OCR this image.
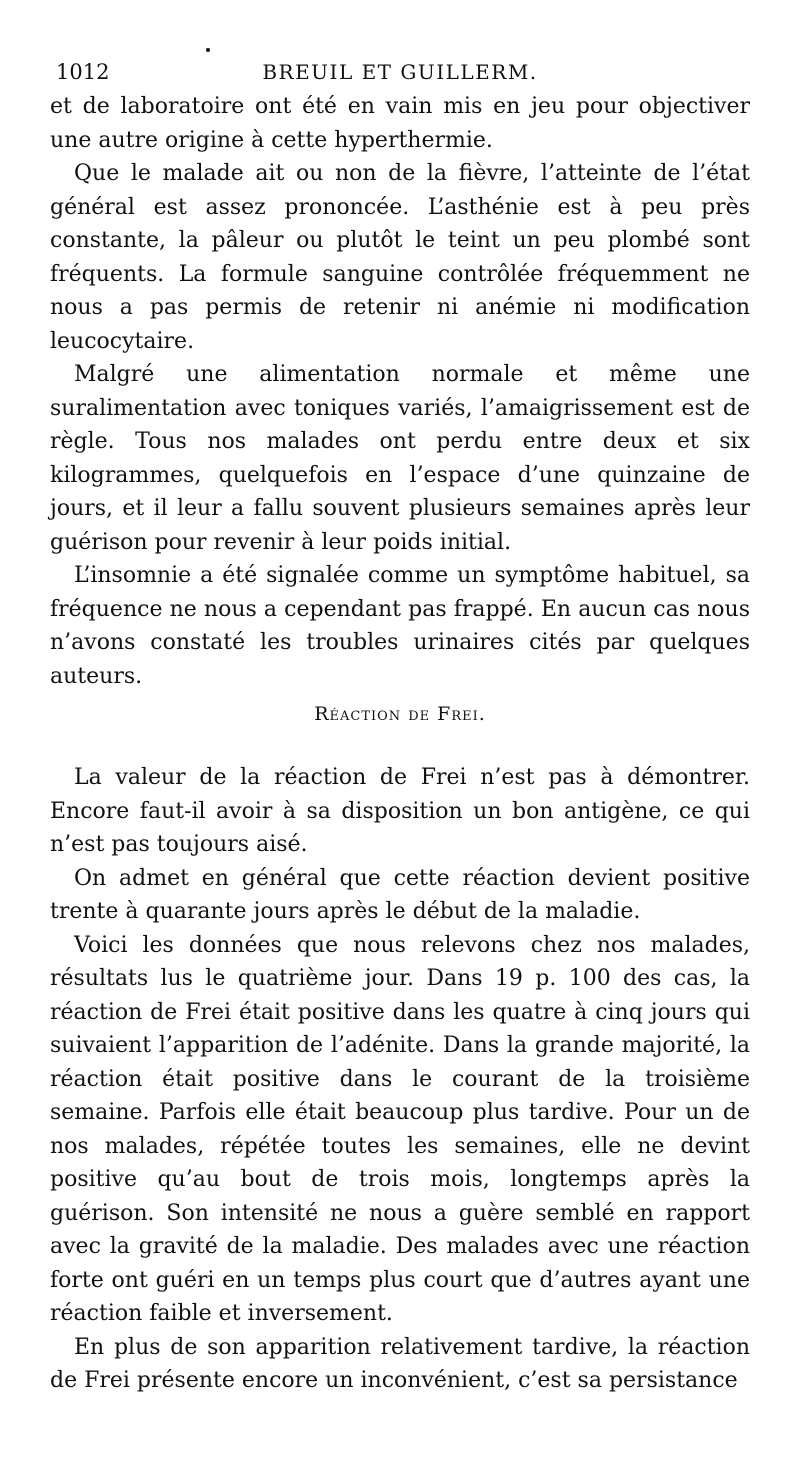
1012	BREUIL ET GUILLERM.

et de laboratoire ont été en vain mis en jeu pour objectiver une autre origine à cette hyperthermie.

Que le malade ait ou non de la fièvre, l’atteinte de l’état général est assez prononcée. L’asthénie est à peu près constante, la pâleur ou plutôt le teint un peu plombé sont fréquents. La formule sanguine contrôlée fréquemment ne nous a pas permis de retenir ni anémie ni modification leucocytaire.

Malgré une alimentation normale et même une suralimentation avec toniques variés, l’amaigrissement est de règle. Tous nos malades ont perdu entre deux et six kilogrammes, quelquefois en l’espace d’une quinzaine de jours, et il leur a fallu souvent plusieurs semaines après leur guérison pour revenir à leur poids initial.

L’insomnie a été signalée comme un symptôme habituel, sa fréquence ne nous a cependant pas frappé. En aucun cas nous n’avons constaté les troubles urinaires cités par quelques auteurs.

Réaction de Frei.

La valeur de la réaction de Frei n’est pas à démontrer. Encore faut-il avoir à sa disposition un bon antigène, ce qui n’est pas toujours aisé.

On admet en général que cette réaction devient positive trente à quarante jours après le début de la maladie.

Voici les données que nous relevons chez nos malades, résultats lus le quatrième jour. Dans 19 p. 100 des cas, la réaction de Frei était positive dans les quatre à cinq jours qui suivaient l’apparition de l’adénite. Dans la grande majorité, la réaction était positive dans le courant de la troisième semaine. Parfois elle était beaucoup plus tardive. Pour un de nos malades, répétée toutes les semaines, elle ne devint positive qu’au bout de trois mois, longtemps après la guérison. Son intensité ne nous a guère semblé en rapport avec la gravité de la maladie. Des malades avec une réaction forte ont guéri en un temps plus court que d’autres ayant une réaction faible et inversement.

En plus de son apparition relativement tardive, la réaction de Frei présente encore un inconvénient, c’est sa persistance
